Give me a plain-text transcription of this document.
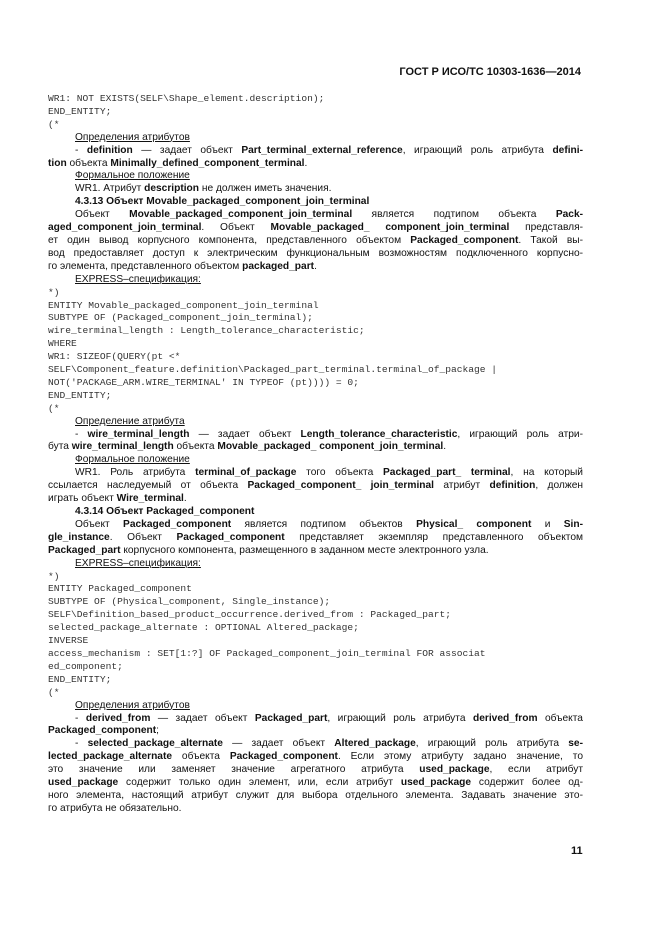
ГОСТ Р ИСО/ТС 10303-1636—2014

WR1: NOT EXISTS(SELF\Shape_element.description);

END_ENTITY;

(*

Определения атрибутов

- definition — задает объект Part_terminal_external_reference, играющий роль атрибута defini-

tion объекта Minimally_defined_component_terminal.

Формальное положение

WR1. Атрибут description не должен иметь значения.

4.3.13 Объект Movable_packaged_component_join_terminal

Объект Movable_packaged_component_join_terminal является подтипом объекта Pack-

aged_component_join_terminal. Объект Movable_packaged_ component_join_terminal представля-

ет один вывод корпусного компонента, представленного объектом Packaged_component. Такой вы-

вод предоставляет доступ к электрическим функциональным возможностям подключенного корпусно-

го элемента, представленного объектом packaged_part.

EXPRESS–спецификация:

*)

ENTITY Movable_packaged_component_join_terminal

SUBTYPE OF (Packaged_component_join_terminal);

wire_terminal_length : Length_tolerance_characteristic;

WHERE

WR1: SIZEOF(QUERY(pt <*

SELF\Component_feature.definition\Packaged_part_terminal.terminal_of_package |

NOT('PACKAGE_ARM.WIRE_TERMINAL' IN TYPEOF (pt)))) = 0;

END_ENTITY;

(*

Определение атрибута

- wire_terminal_length — задает объект Length_tolerance_characteristic, играющий роль атри-

бута wire_terminal_length объекта Movable_packaged_ component_join_terminal.

Формальное положение

WR1. Роль атрибута terminal_of_package того объекта Packaged_part_ terminal, на который

ссылается наследуемый от объекта Packaged_component_ join_terminal атрибут definition, должен

играть объект Wire_terminal.

4.3.14 Объект Packaged_component

Объект Packaged_component является подтипом объектов Physical_ component и Sin-

gle_instance. Объект Packaged_component представляет экземпляр представленного объектом

Packaged_part корпусного компонента, размещенного в заданном месте электронного узла.

EXPRESS–спецификация:

*)

ENTITY Packaged_component

SUBTYPE OF (Physical_component, Single_instance);

SELF\Definition_based_product_occurrence.derived_from : Packaged_part;

selected_package_alternate : OPTIONAL Altered_package;

INVERSE

access_mechanism : SET[1:?] OF Packaged_component_join_terminal FOR associat

ed_component;

END_ENTITY;

(*

Определения атрибутов

- derived_from — задает объект Packaged_part, играющий роль атрибута derived_from объекта

Packaged_component;

- selected_package_alternate — задает объект Altered_package, играющий роль атрибута se-

lected_package_alternate объекта Packaged_component. Если этому атрибуту задано значение, то

это значение или заменяет значение агрегатного атрибута used_package, если атрибут

used_package содержит только один элемент, или, если атрибут used_package содержит более од-

ного элемента, настоящий атрибут служит для выбора отдельного элемента. Задавать значение это-

го атрибута не обязательно.

11
